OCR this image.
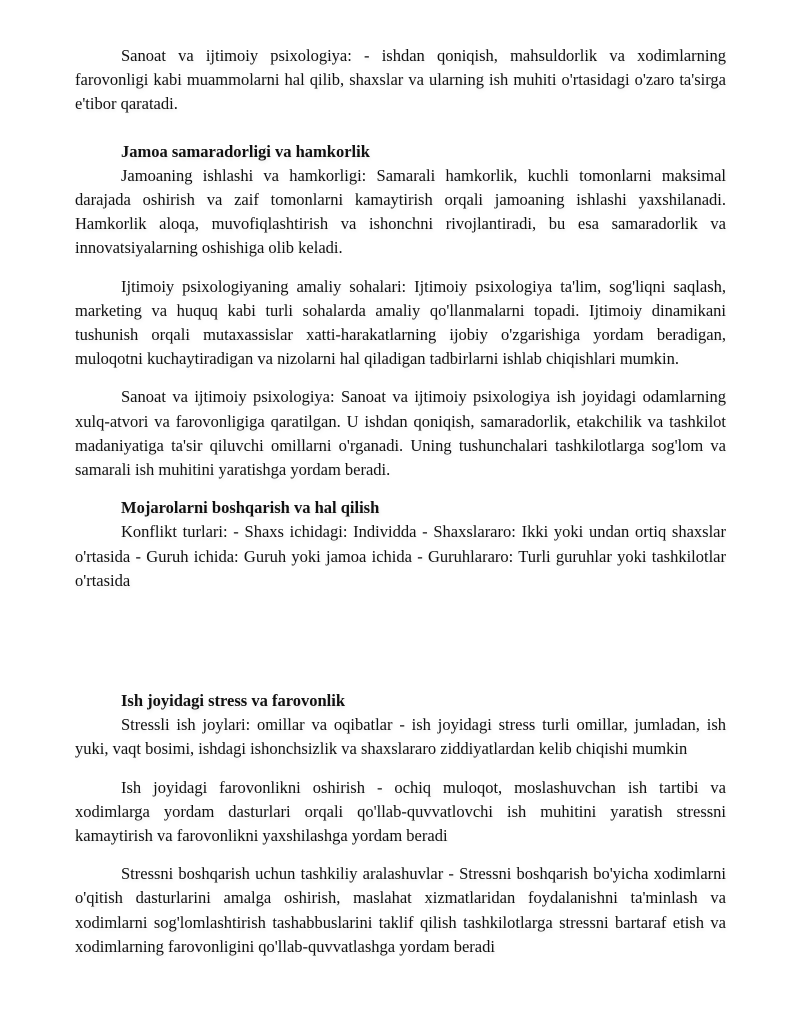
Sanoat va ijtimoiy psixologiya: - ishdan qoniqish, mahsuldorlik va xodimlarning farovonligi kabi muammolarni hal qilib, shaxslar va ularning ish muhiti o'rtasidagi o'zaro ta'sirga e'tibor qaratadi.

Jamoa samaradorligi va hamkorlik

Jamoaning ishlashi va hamkorligi: Samarali hamkorlik, kuchli tomonlarni maksimal darajada oshirish va zaif tomonlarni kamaytirish orqali jamoaning ishlashi yaxshilanadi. Hamkorlik aloqa, muvofiqlashtirish va ishonchni rivojlantiradi, bu esa samaradorlik va innovatsiyalarning oshishiga olib keladi.

Ijtimoiy psixologiyaning amaliy sohalari: Ijtimoiy psixologiya ta'lim, sog'liqni saqlash, marketing va huquq kabi turli sohalarda amaliy qo'llanmalarni topadi. Ijtimoiy dinamikani tushunish orqali mutaxassislar xatti-harakatlarning ijobiy o'zgarishiga yordam beradigan, muloqotni kuchaytiradigan va nizolarni hal qiladigan tadbirlarni ishlab chiqishlari mumkin.

Sanoat va ijtimoiy psixologiya: Sanoat va ijtimoiy psixologiya ish joyidagi odamlarning xulq-atvori va farovonligiga qaratilgan. U ishdan qoniqish, samaradorlik, etakchilik va tashkilot madaniyatiga ta'sir qiluvchi omillarni o'rganadi. Uning tushunchalari tashkilotlarga sog'lom va samarali ish muhitini yaratishga yordam beradi.

Mojarolarni boshqarish va hal qilish

Konflikt turlari: - Shaxs ichidagi: Individda - Shaxslararo: Ikki yoki undan ortiq shaxslar o'rtasida - Guruh ichida: Guruh yoki jamoa ichida - Guruhlararo: Turli guruhlar yoki tashkilotlar o'rtasida

Ish joyidagi stress va farovonlik

Stressli ish joylari: omillar va oqibatlar - ish joyidagi stress turli omillar, jumladan, ish yuki, vaqt bosimi, ishdagi ishonchsizlik va shaxslararo ziddiyatlardan kelib chiqishi mumkin

Ish joyidagi farovonlikni oshirish - ochiq muloqot, moslashuvchan ish tartibi va xodimlarga yordam dasturlari orqali qo'llab-quvvatlovchi ish muhitini yaratish stressni kamaytirish va farovonlikni yaxshilashga yordam beradi

Stressni boshqarish uchun tashkiliy aralashuvlar - Stressni boshqarish bo'yicha xodimlarni o'qitish dasturlarini amalga oshirish, maslahat xizmatlaridan foydalanishni ta'minlash va xodimlarni sog'lomlashtirish tashabbuslarini taklif qilish tashkilotlarga stressni bartaraf etish va xodimlarning farovonligini qo'llab-quvvatlashga yordam beradi
